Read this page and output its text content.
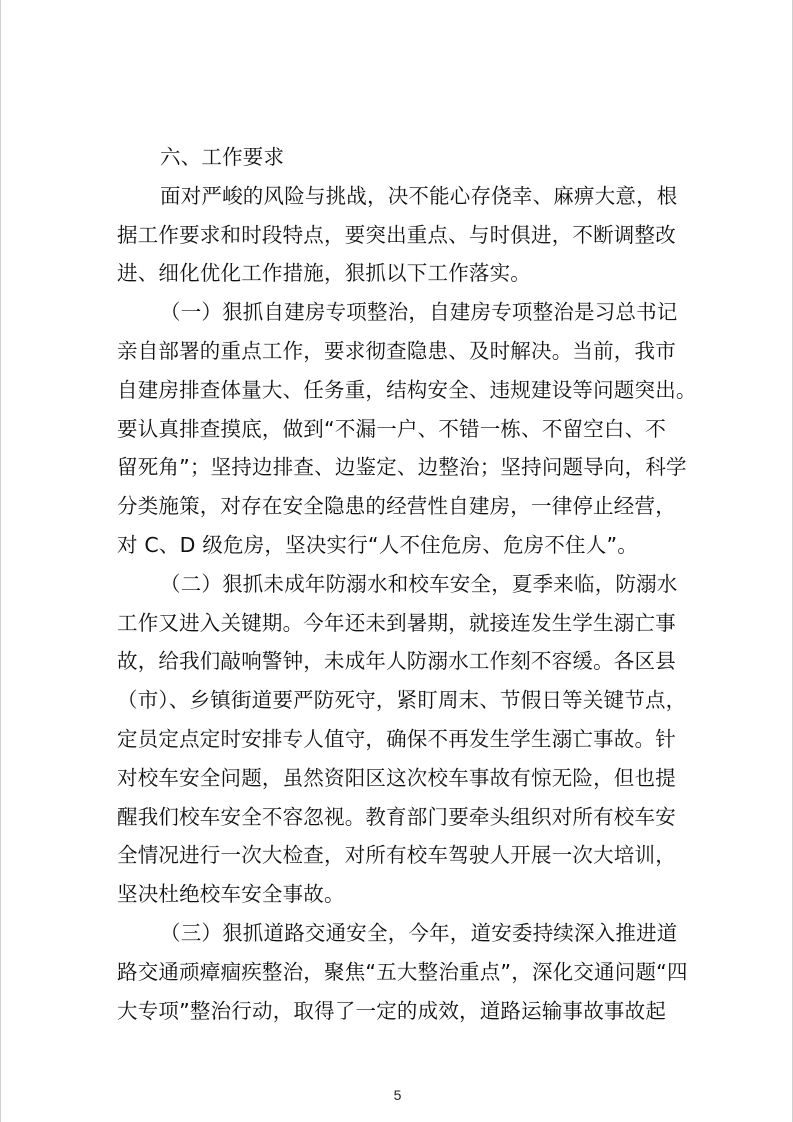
六、工作要求
面对严峻的风险与挑战，决不能心存侥幸、麻痹大意，根
据工作要求和时段特点，要突出重点、与时俱进，不断调整改
进、细化优化工作措施，狠抓以下工作落实。
（一）狠抓自建房专项整治，自建房专项整治是习总书记
亲自部署的重点工作，要求彻查隐患、及时解决。当前，我市
自建房排查体量大、任务重，结构安全、违规建设等问题突出。
要认真排查摸底，做到“不漏一户、不错一栋、不留空白、不
留死角”；坚持边排查、边鉴定、边整治；坚持问题导向，科学
分类施策，对存在安全隐患的经营性自建房，一律停止经营，
对 C、D 级危房，坚决实行“人不住危房、危房不住人”。
（二）狠抓未成年防溺水和校车安全，夏季来临，防溺水
工作又进入关键期。今年还未到暑期，就接连发生学生溺亡事
故，给我们敲响警钟，未成年人防溺水工作刻不容缓。各区县
（市）、乡镇街道要严防死守，紧盯周末、节假日等关键节点，
定员定点定时安排专人值守，确保不再发生学生溺亡事故。针
对校车安全问题，虽然资阳区这次校车事故有惊无险，但也提
醒我们校车安全不容忽视。教育部门要牵头组织对所有校车安
全情况进行一次大检查，对所有校车驾驶人开展一次大培训，
坚决杜绝校车安全事故。
（三）狠抓道路交通安全，今年，道安委持续深入推进道
路交通顽瘴痼疾整治，聚焦“五大整治重点”，深化交通问题“四
大专项”整治行动，取得了一定的成效，道路运输事故事故起
5
